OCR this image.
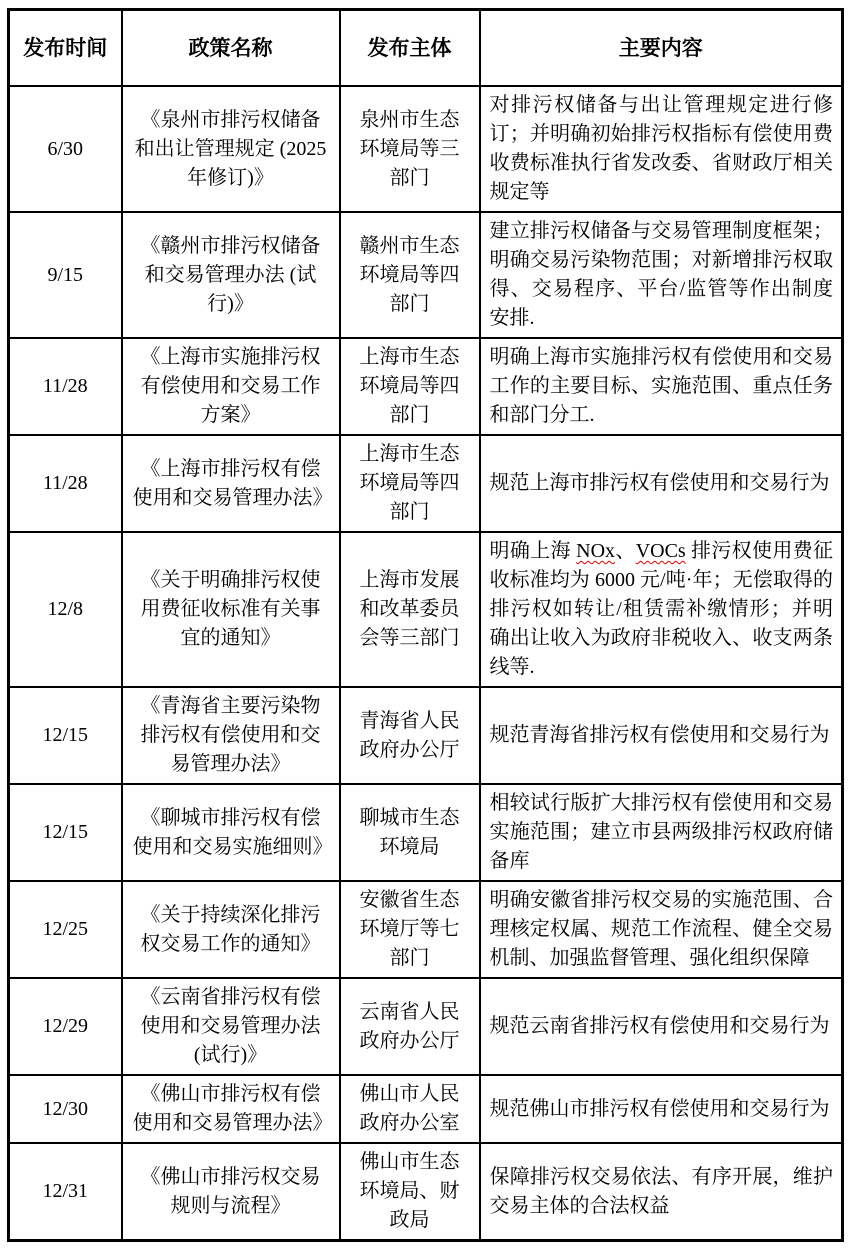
发布时间	政策名称	发布主体	主要内容
6/30	《泉州市排污权储备和出让管理规定 (2025 年修订)》	泉州市生态环境局等三部门	对排污权储备与出让管理规定进行修订；并明确初始排污权指标有偿使用费收费标准执行省发改委、省财政厅相关规定等
9/15	《赣州市排污权储备和交易管理办法 (试行)》	赣州市生态环境局等四部门	建立排污权储备与交易管理制度框架；明确交易污染物范围；对新增排污权取得、交易程序、平台/监管等作出制度安排.
11/28	《上海市实施排污权有偿使用和交易工作方案》	上海市生态环境局等四部门	明确上海市实施排污权有偿使用和交易工作的主要目标、实施范围、重点任务和部门分工.
11/28	《上海市排污权有偿使用和交易管理办法》	上海市生态环境局等四部门	规范上海市排污权有偿使用和交易行为
12/8	《关于明确排污权使用费征收标准有关事宜的通知》	上海市发展和改革委员会等三部门	明确上海 NOx、VOCs 排污权使用费征收标准均为 6000 元/吨·年；无偿取得的排污权如转让/租赁需补缴情形；并明确出让收入为政府非税收入、收支两条线等.
12/15	《青海省主要污染物排污权有偿使用和交易管理办法》	青海省人民政府办公厅	规范青海省排污权有偿使用和交易行为
12/15	《聊城市排污权有偿使用和交易实施细则》	聊城市生态环境局	相较试行版扩大排污权有偿使用和交易实施范围；建立市县两级排污权政府储备库
12/25	《关于持续深化排污权交易工作的通知》	安徽省生态环境厅等七部门	明确安徽省排污权交易的实施范围、合理核定权属、规范工作流程、健全交易机制、加强监督管理、强化组织保障
12/29	《云南省排污权有偿使用和交易管理办法 (试行)》	云南省人民政府办公厅	规范云南省排污权有偿使用和交易行为
12/30	《佛山市排污权有偿使用和交易管理办法》	佛山市人民政府办公室	规范佛山市排污权有偿使用和交易行为
12/31	《佛山市排污权交易规则与流程》	佛山市生态环境局、财政局	保障排污权交易依法、有序开展，维护交易主体的合法权益
